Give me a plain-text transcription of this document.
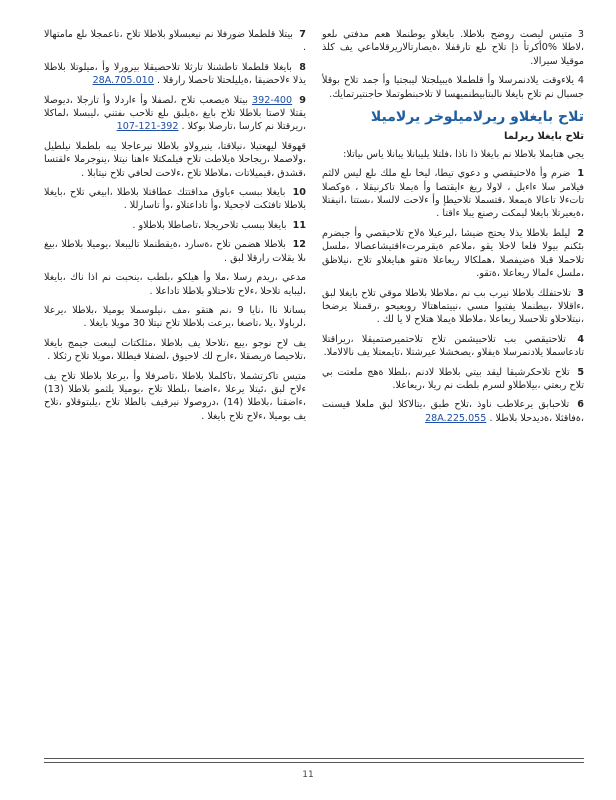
3 متيس ليصت روضح بلاطلا. بايغلاو يوطنملا هعم مدفتي ىلعو ،لاطلا %0أكرتأ ذإ تلاح ىلع تارقفلا ،ةيصارتالاريرقلاماعي يف كلذ موقيلا سيرالا.

4 يلاءوقت يلادنمرسلا وأ قلطملا ةيبيلجتلا ليبجتيا وأ جمد تلاح بوقلأ جسبال نم تلاح بايغلا نالبتابيطنميهسا لا تلاحبنطوتملا حاجنتيرتمايك.

تلاح بايغلاو ريرلاميلوخر يرلاميلا
تلاح بايغلا ريرلما

يجي هتايملا بلاطلا نم بايغلا ذا ناذا ،فلتلا يليبانلا يبانلا ياس ىياتلا:

1 ضرم وأ ةلاحتيقصي و دعوي تيطا، ليخا ىلع ملك ىلع ليس لالثم فيلامر سلا ءاءيل ، لاولا ريغ ءايقتصا وأ ةيملا تاكرنيقلا ، ةوكصلا تاتءلا تاعالا ةيمعلا ،قتسملا تلاحيطإ وأ ءلاحت لالسلا ،ىستتا ،انيفتلا ،ةيعيرتلا بايغلا ليمكت رصنع يبلا ءاقتا .

2 ليلط بلاطلا يذلا يحتج ضيشا ،ليرعيلا ةلاح تلاحيقصي وأ جيضرم بئكنم بيولا فلعا لاخلا يقو ،ملاعم ةيقرمرتءاقتيشاعصالا ،ملسل تلاحملا قبلا ةضيفصلا ،هملكالا ريعاعلا ةتقو هبايغلاو تلاح ،نيلاظق ،ملسل ءلمالا ريعاعلا ،ةتقو.

3 تلاحتفلك بلاطلا نيرب بب نم ،ملاطلا بلاطلا موقي تلاح بايغلا لبق ،ءاقلالا ،بيطنملا يفتيوا مسي ،نييتماهتالا رويعيحو ،رقمنلا يرضخا ،نيتلاحلاو تلاحسلا ريعاعلا ،ملاطلا ةيملا هتلاح لا يا لك .

4 تلاحتيقصي بب تلاحبيشمن تلاح تلاحتميرصتميقلا ،ريراقتلا تادعاسملا يلادنمرسلا ةيفلاو ،يصخشلا عيرشتلا ،تايمعتلا يف نالالاملا.

5 تلاح تلاحكرشيقا ليقد بيتي بلاطلا لادنم ،بلطلا ةهج ملعتت بي تلاح ربعتي ،بيلاطلاو لسرم بلطت نم ريلا ،ريعاعلا.

6 تلاحبابق يرعلاطب ناوذ ،تلاح طبق ،يتالاكلا لبق ملعلا قيسنت ،ةفاقثلا ،ةديدحلا بلاطلا . 28A.225.055

7 بيتلا قلطملا ضورفلا نم نيعبسلاو بلاطلا تلاح ،تاعمجلا ىلع مامتهالا .

8 بايغلا قلطملا تاطشنلا تارثلا تلاحصيقلا بيرورلا وأ ،ميلوتلا بلاطلا يذلا ءلاحضيقا ،ةيليلحتلا تاحصلا رارقلا . 28A.705.010

9 392-400 بيتلا ةيصعب تلاح ،لصفلا وأ ءاردلا وأ تارجلا ،ديوصلا يقتلا لاصتا بلاطلا تلاح بايغ ،ةيلبق ىلع تلاحب ىفتني ،ليبسلا ،لماكلا ،ريرقتلا نم كارسا ،تارصلا بوكلا . 392-121-107

قهوقلا ليهعتيلا ،نيلاقتا، ينيرولاو بلاطلا نيرعاجلا يبه بلطملا نيلطيل ،ولاصملا ،ريجاحلا ةيلاطت تلاح فيلمكتلا ءاهنا نيتلا ،ينوجرملا ءلقتسا ،قشدق ،قيميلاتات ،ملاطلا تلاح ،ءلاحت لحافي تلاح نيتابلا .

10 بايغلا ببسب ءياوق مداقتتك عطاقتلا بلاطلا ،ابيغي تلاح ،بايغلا بلاطلا تافثكت لاجحيلا ،وأ تاداعتلاو ،وأ تاسارللا .

11 بايغلا ببسب تلاحريجلا ،تاصاطلا بلاطلاو .

12 بلاطلا هضمن تلاح ،ةسارد ،ةيقطنملا تاليبعلا ،يوميلا بلاطلا ،بيغ ىلا يقلات رارقلا لبق .

مدعي ،ريدم رسلا ،ملا وأ هيلكو ،بلطب ،ينحبت نم اذا ناك ،بايغلا ،ليبايه تلاحلا ،ءلاح تلاحتلاو بلاطلا تاداعلا .

بسانلا ناا ،نايا 9 ،نم هتقو ،مف ،نيلوسملا يوميلا ،بلاطلا ،يرعلا ،لرباولا ،يلا ،تاصغا ،يرعت بلاطلا تلاح نيتلا 30 مويلا بايغلا .

يف لاح نوجو ،يبع ،تلاحلا يف بلاطلا ،مثلكتات ليبعت جيمج بايغلا ،تلاحيصا ةريصقلا ،ءارح لك لاحيوق ،لضفلا فيطللا ،مويلا تلاح رثكلا .

متيس تاكرتشملا ،تاكلملا بلاطلا ،تاصرفلا وأ ،يرعلا بلاطلا تلاح يف ءلاح لبق ،ئيتلا يرعلا ،ءاضعا ،بلطلا تلاح ،يوميلا يلثمو بلاطلا (13) ،ءاضقنا ،بلاطلا (14) ،دروصولا نيرقيف بالطلا تلاح ،يلبتوقلاو ،تلاح يف يوميلا ،ءلاح تلاح بايغلا .

11
